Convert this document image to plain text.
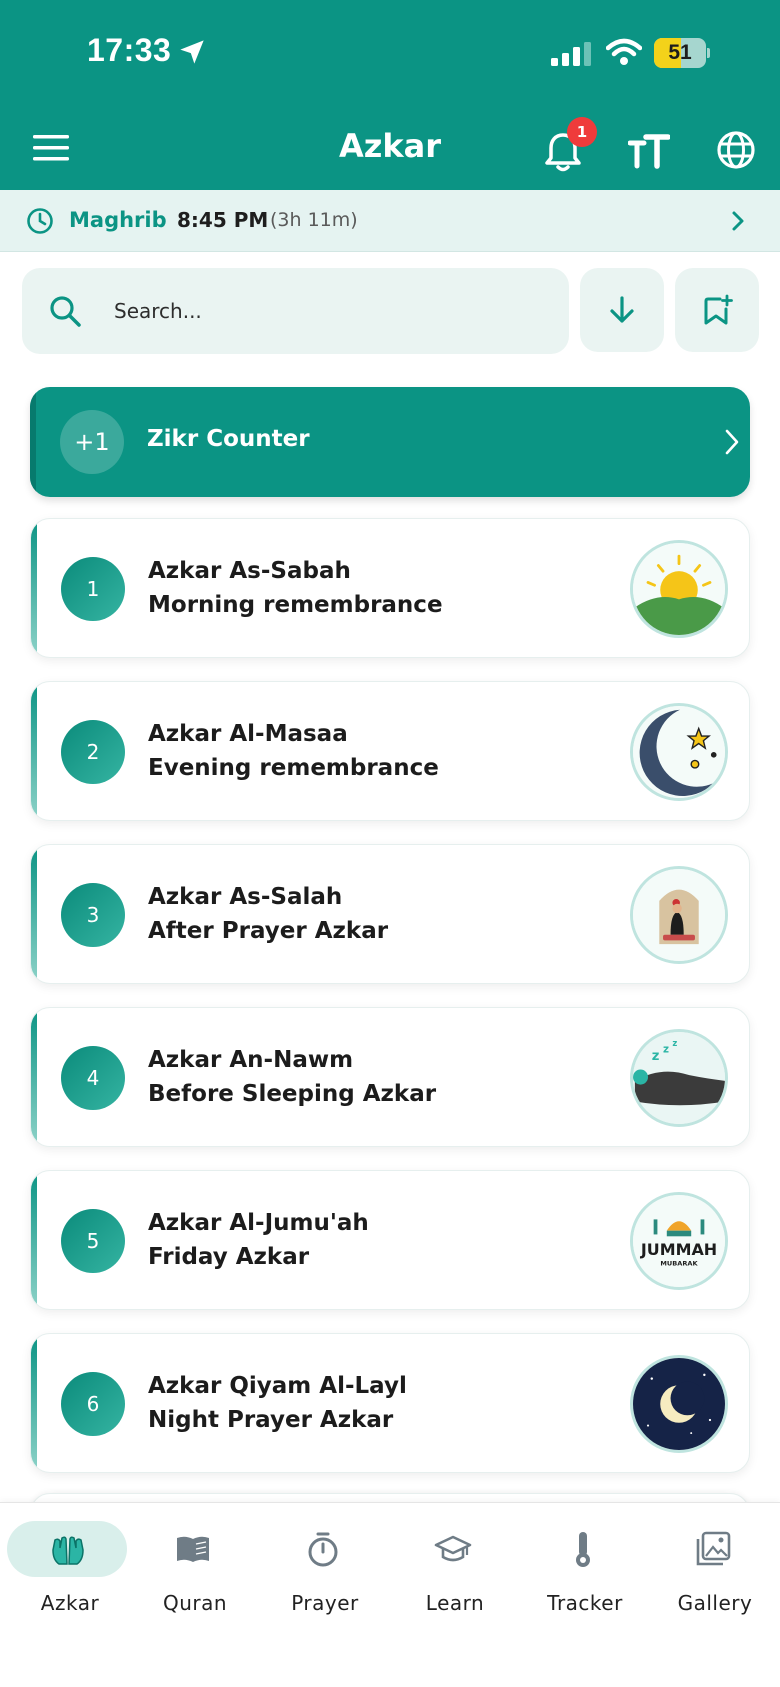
17:33	51
Azkar	1
Maghrib 8:45 PM (3h 11m)
Search...
+1	Zikr Counter
1
Azkar As-Sabah
Morning remembrance
2
Azkar Al-Masaa
Evening remembrance
3
Azkar As-Salah
After Prayer Azkar
4
Azkar An-Nawm
Before Sleeping Azkar
z z
z
5
Azkar Al-Jumu'ah
Friday Azkar	JUMMAH
MUBARAK
6
Azkar Qiyam Al-Layl
Night Prayer Azkar
Azkar	Quran	Prayer	Learn	Tracker	Gallery
